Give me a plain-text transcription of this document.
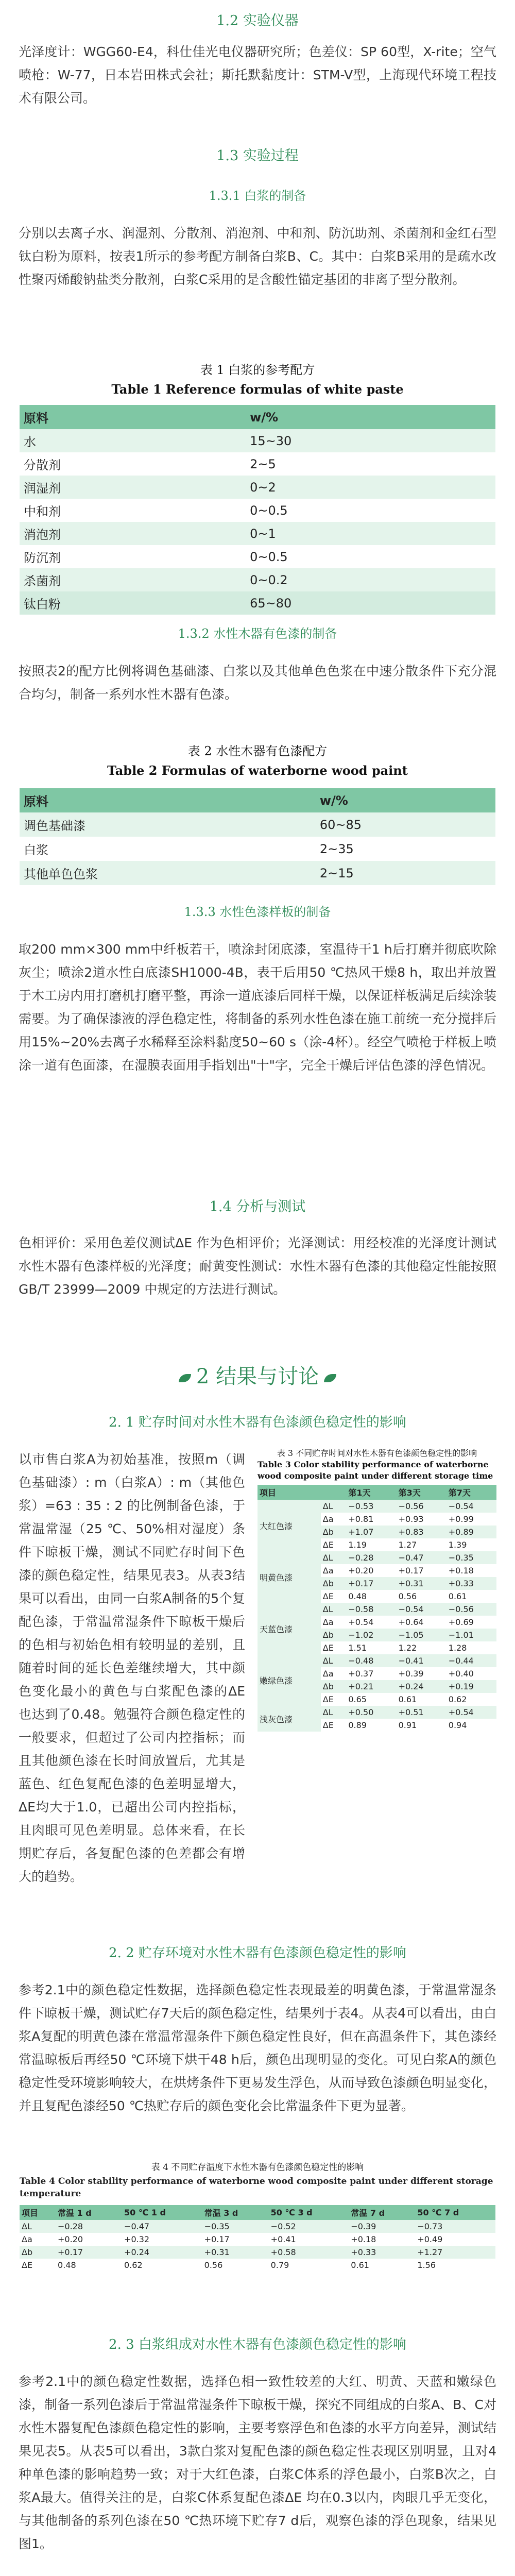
1.2 实验仪器
光泽度计：WGG60-E4，科仕佳光电仪器研究所；色差仪：SP 60型，X-rite；空气喷枪：W-77，日本岩田株式会社；斯托默黏度计：STM-V型，上海现代环境工程技术有限公司。
1.3 实验过程
1.3.1 白浆的制备
分别以去离子水、润湿剂、分散剂、消泡剂、中和剂、防沉助剂、杀菌剂和金红石型钛白粉为原料，按表1所示的参考配方制备白浆B、C。其中：白浆B采用的是疏水改性聚丙烯酸钠盐类分散剂，白浆C采用的是含酸性锚定基团的非离子型分散剂。
表 1 白浆的参考配方
Table 1 Reference formulas of white paste
原料	w/%
水	15~30
分散剂	2~5
润湿剂	0~2
中和剂	0~0.5
消泡剂	0~1
防沉剂	0~0.5
杀菌剂	0~0.2
钛白粉	65~80
1.3.2 水性木器有色漆的制备
按照表2的配方比例将调色基础漆、白浆以及其他单色色浆在中速分散条件下充分混合均匀，制备一系列水性木器有色漆。
表 2 水性木器有色漆配方
Table 2 Formulas of waterborne wood paint
原料	w/%
调色基础漆	60~85
白浆	2~35
其他单色色浆	2~15
1.3.3 水性色漆样板的制备
取200 mm×300 mm中纤板若干，喷涂封闭底漆，室温待干1 h后打磨并彻底吹除灰尘；喷涂2道水性白底漆SH1000-4B，表干后用50 ℃热风干燥8 h，取出并放置于木工房内用打磨机打磨平整，再涂一道底漆后同样干燥，以保证样板满足后续涂装需要。为了确保漆液的浮色稳定性，将制备的系列水性色漆在施工前统一充分搅拌后用15%~20%去离子水稀释至涂料黏度50~60 s（涂-4杯）。经空气喷枪于样板上喷涂一道有色面漆，在湿膜表面用手指划出"十"字，完全干燥后评估色漆的浮色情况。
1.4 分析与测试
色相评价：采用色差仪测试ΔE 作为色相评价；光泽测试：用经校准的光泽度计测试水性木器有色漆样板的光泽度；耐黄变性测试：水性木器有色漆的其他稳定性能按照GB/T 23999—2009 中规定的方法进行测试。
2 结果与讨论
2. 1 贮存时间对水性木器有色漆颜色稳定性的影响
以市售白浆A为初始基准，按照m（调色基础漆）: m（白浆A）: m（其他色浆）=63 : 35 : 2 的比例制备色漆，于常温常湿（25 ℃、50%相对湿度）条件下晾板干燥，测试不同贮存时间下色漆的颜色稳定性，结果见表3。从表3结果可以看出，由同一白浆A制备的5个复配色漆，于常温常湿条件下晾板干燥后的色相与初始色相有较明显的差别，且随着时间的延长色差继续增大，其中颜色变化最小的黄色与白浆配色漆的ΔE 也达到了0.48。勉强符合颜色稳定性的一般要求，但超过了公司内控指标；而且其他颜色漆在长时间放置后，尤其是蓝色、红色复配色漆的色差明显增大，ΔE均大于1.0，已超出公司内控指标，且肉眼可见色差明显。总体来看，在长期贮存后，各复配色漆的色差都会有增大的趋势。
表 3 不同贮存时间对水性木器有色漆颜色稳定性的影响
Table 3 Color stability performance of waterborne wood composite paint under different storage time
项目		第1天	第3天	第7天
大红色漆	ΔL	−0.53	−0.56	−0.54
	Δa	+0.81	+0.93	+0.99
	Δb	+1.07	+0.83	+0.89
	ΔE	1.19	1.27	1.39
明黄色漆	ΔL	−0.28	−0.47	−0.35
	Δa	+0.20	+0.17	+0.18
	Δb	+0.17	+0.31	+0.33
	ΔE	0.48	0.56	0.61
天蓝色漆	ΔL	−0.58	−0.54	−0.56
	Δa	+0.54	+0.64	+0.69
	Δb	−1.02	−1.05	−1.01
	ΔE	1.51	1.22	1.28
嫩绿色漆	ΔL	−0.48	−0.41	−0.44
	Δa	+0.37	+0.39	+0.40
	Δb	+0.21	+0.24	+0.19
	ΔE	0.65	0.61	0.62
浅灰色漆	ΔL	+0.50	+0.51	+0.54
	ΔE	0.89	0.91	0.94
2. 2 贮存环境对水性木器有色漆颜色稳定性的影响
参考2.1中的颜色稳定性数据，选择颜色稳定性表现最差的明黄色漆，于常温常湿条件下晾板干燥，测试贮存7天后的颜色稳定性，结果列于表4。从表4可以看出，由白浆A复配的明黄色漆在常温常湿条件下颜色稳定性良好，但在高温条件下，其色漆经常温晾板后再经50 ℃环境下烘干48 h后，颜色出现明显的变化。可见白浆A的颜色稳定性受环境影响较大，在烘烤条件下更易发生浮色，从而导致色漆颜色明显变化，并且复配色漆经50 ℃热贮存后的颜色变化会比常温条件下更为显著。
表 4 不同贮存温度下水性木器有色漆颜色稳定性的影响
Table 4 Color stability performance of waterborne wood composite paint under different storage temperature
项目	常温 1 d	50 ℃ 1 d	常温 3 d	50 ℃ 3 d	常温 7 d	50 ℃ 7 d
ΔL	−0.28	−0.47	−0.35	−0.52	−0.39	−0.73
Δa	+0.20	+0.32	+0.17	+0.41	+0.18	+0.49
Δb	+0.17	+0.24	+0.31	+0.58	+0.33	+1.27
ΔE	0.48	0.62	0.56	0.79	0.61	1.56
2. 3 白浆组成对水性木器有色漆颜色稳定性的影响
参考2.1中的颜色稳定性数据，选择色相一致性较差的大红、明黄、天蓝和嫩绿色漆，制备一系列色漆后于常温常湿条件下晾板干燥，探究不同组成的白浆A、B、C对水性木器复配色漆颜色稳定性的影响，主要考察浮色和色漆的水平方向差异，测试结果见表5。从表5可以看出，3款白浆对复配色漆的颜色稳定性表现区别明显，且对4种单色漆的影响趋势一致；对于大红色漆，白浆C体系的浮色最小，白浆B次之，白浆A最大。值得关注的是，白浆C体系复配色漆ΔE 均在0.3以内，肉眼几乎无变化，与其他制备的系列色漆在50 ℃热环境下贮存7 d后，观察色漆的浮色现象，结果见图1。
